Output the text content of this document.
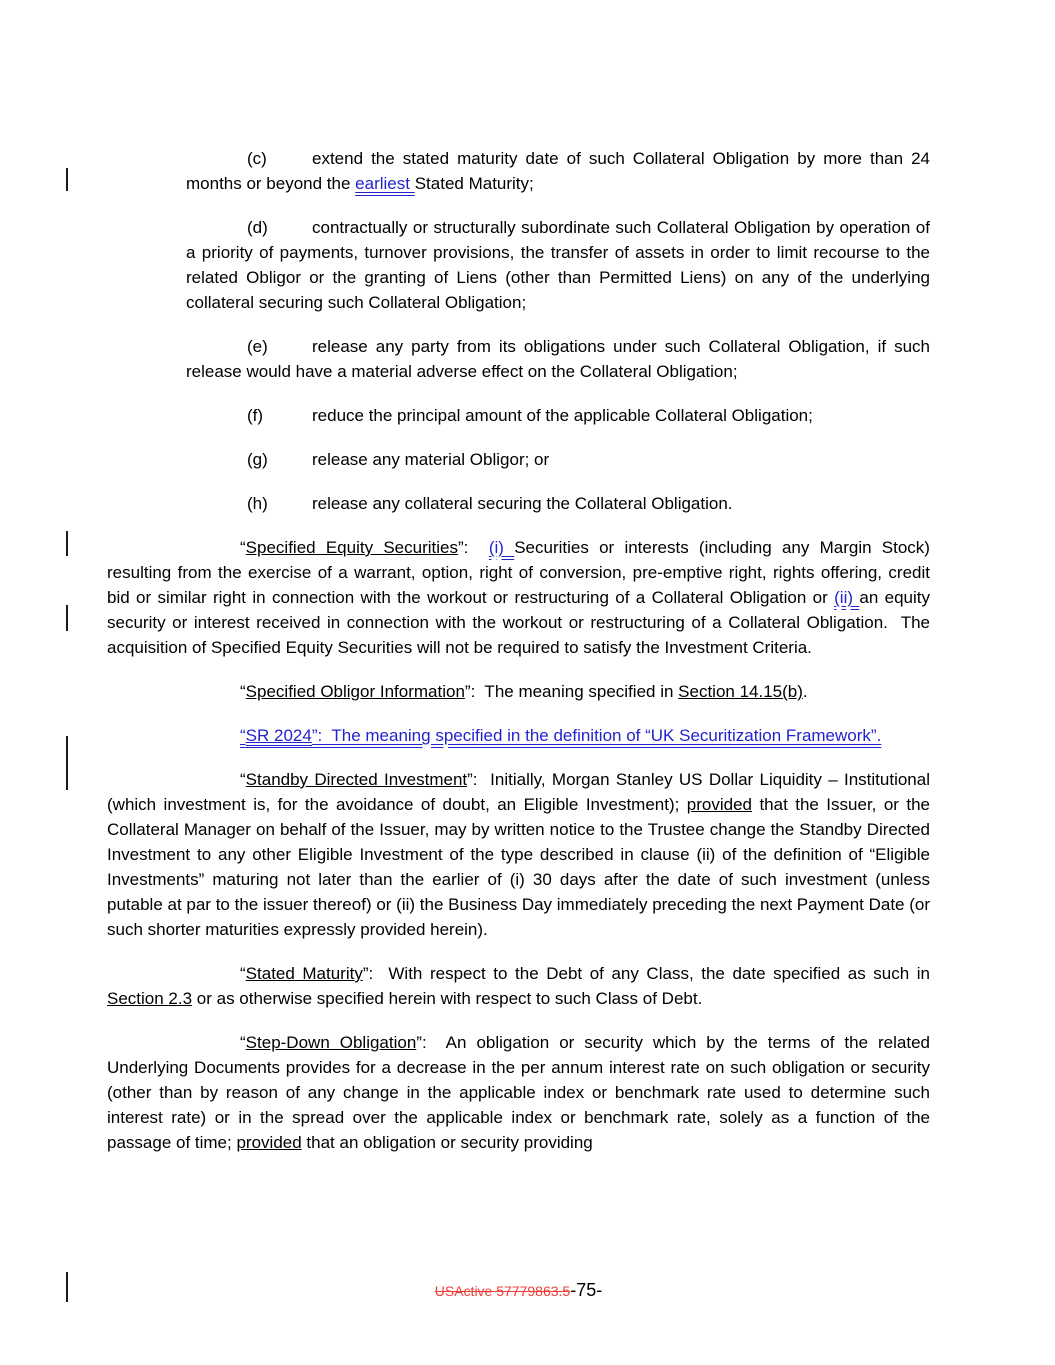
(c)	extend the stated maturity date of such Collateral Obligation by more than 24 months or beyond the earliest Stated Maturity;

(d)	contractually or structurally subordinate such Collateral Obligation by operation of a priority of payments, turnover provisions, the transfer of assets in order to limit recourse to the related Obligor or the granting of Liens (other than Permitted Liens) on any of the underlying collateral securing such Collateral Obligation;

(e)	release any party from its obligations under such Collateral Obligation, if such release would have a material adverse effect on the Collateral Obligation;

(f)	reduce the principal amount of the applicable Collateral Obligation;

(g)	release any material Obligor; or

(h)	release any collateral securing the Collateral Obligation.

“Specified Equity Securities”:  (i) Securities or interests (including any Margin Stock) resulting from the exercise of a warrant, option, right of conversion, pre-emptive right, rights offering, credit bid or similar right in connection with the workout or restructuring of a Collateral Obligation or (ii) an equity security or interest received in connection with the workout or restructuring of a Collateral Obligation.  The acquisition of Specified Equity Securities will not be required to satisfy the Investment Criteria.

“Specified Obligor Information”:  The meaning specified in Section 14.15(b).

“SR 2024”:  The meaning specified in the definition of “UK Securitization Framework”.

“Standby Directed Investment”:  Initially, Morgan Stanley US Dollar Liquidity – Institutional (which investment is, for the avoidance of doubt, an Eligible Investment); provided that the Issuer, or the Collateral Manager on behalf of the Issuer, may by written notice to the Trustee change the Standby Directed Investment to any other Eligible Investment of the type described in clause (ii) of the definition of “Eligible Investments” maturing not later than the earlier of (i) 30 days after the date of such investment (unless putable at par to the issuer thereof) or (ii) the Business Day immediately preceding the next Payment Date (or such shorter maturities expressly provided herein).

“Stated Maturity”:  With respect to the Debt of any Class, the date specified as such in Section 2.3 or as otherwise specified herein with respect to such Class of Debt.

“Step-Down Obligation”:  An obligation or security which by the terms of the related Underlying Documents provides for a decrease in the per annum interest rate on such obligation or security (other than by reason of any change in the applicable index or benchmark rate used to determine such interest rate) or in the spread over the applicable index or benchmark rate, solely as a function of the passage of time; provided that an obligation or security providing

USActive 57779863.5-75-
